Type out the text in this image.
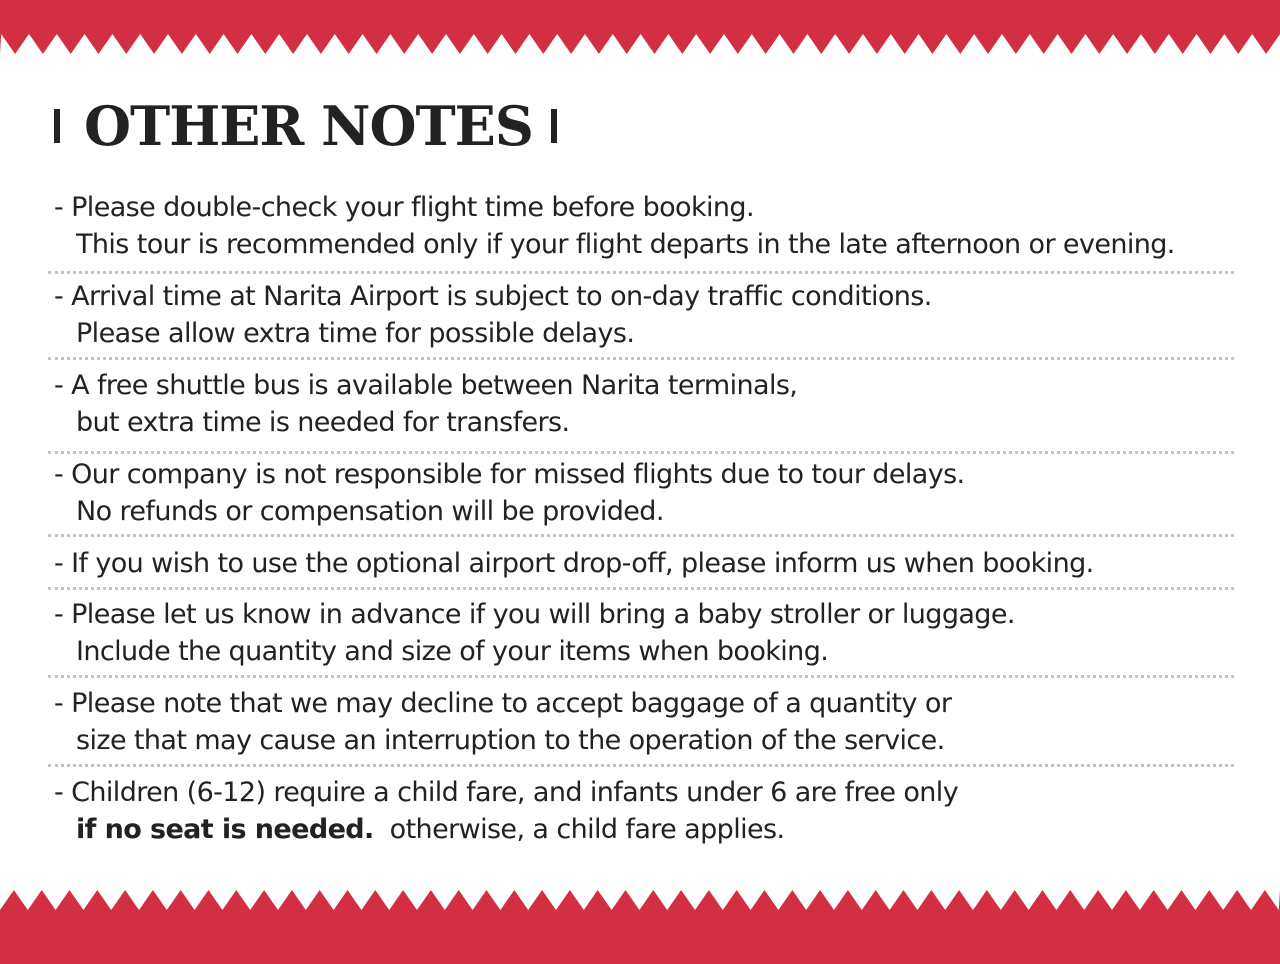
OTHER NOTES
- Please double-check your flight time before booking.
This tour is recommended only if your flight departs in the late afternoon or evening.
- Arrival time at Narita Airport is subject to on-day traffic conditions.
Please allow extra time for possible delays.
- A free shuttle bus is available between Narita terminals,
but extra time is needed for transfers.
- Our company is not responsible for missed flights due to tour delays.
No refunds or compensation will be provided.
- If you wish to use the optional airport drop-off, please inform us when booking.
- Please let us know in advance if you will bring a baby stroller or luggage.
Include the quantity and size of your items when booking.
- Please note that we may decline to accept baggage of a quantity or
size that may cause an interruption to the operation of the service.
- Children (6-12) require a child fare, and infants under 6 are free only
if no seat is needed.  otherwise, a child fare applies.
